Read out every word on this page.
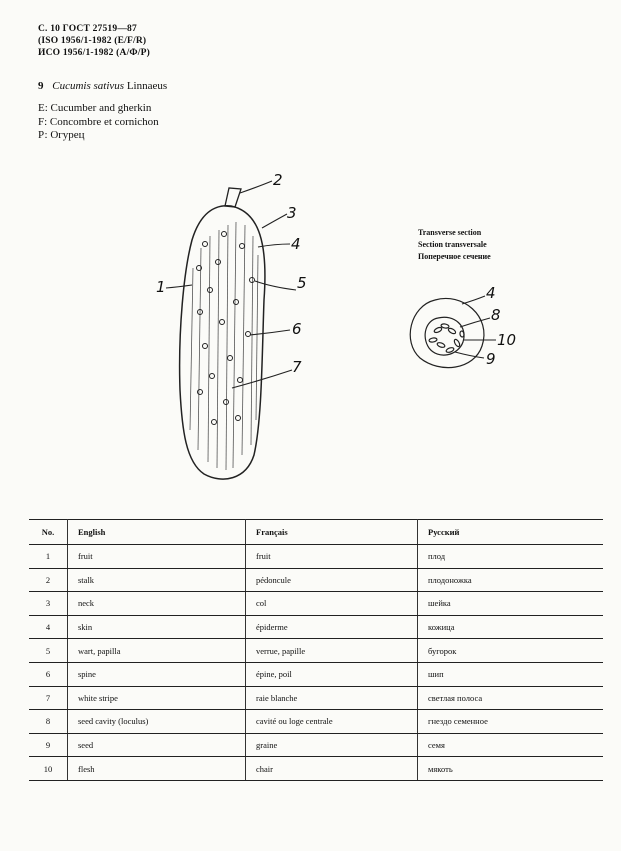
С. 10 ГОСТ 27519—87
(ISO 1956/1-1982 (E/F/R)
ИСО 1956/1-1982 (А/Ф/Р)
9 Cucumis sativus Linnaeus
E: Cucumber and gherkin
F: Concombre et cornichon
Р: Огурец
Transverse section
Section transversale
Поперечное сечение
2
3
4
5
6
7
1	4
8
10
9
No.	English	Français	Русский
1	fruit	fruit	плод
2	stalk	pédoncule	плодоножка
3	neck	col	шейка
4	skin	épiderme	кожица
5	wart, papilla	verrue, papille	бугорок
6	spine	épine, poil	шип
7	white stripe	raie blanche	светлая полоса
8	seed cavity (loculus)	cavité ou loge centrale	гнездо семенное
9	seed	graine	семя
10	flesh	chair	мякоть
